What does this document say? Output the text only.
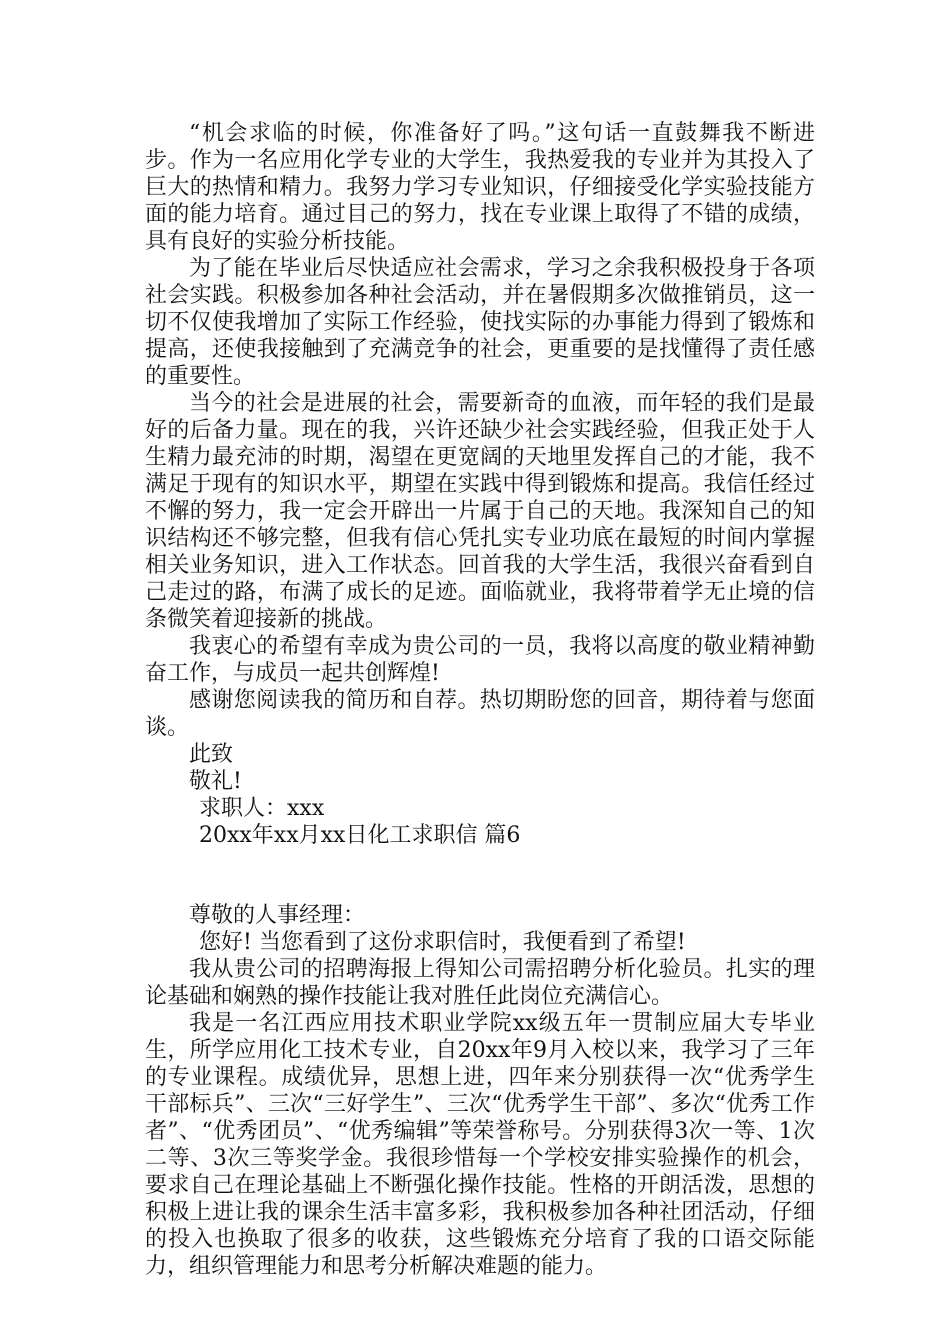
“机会求临的时候，你准备好了吗。”这句话一直鼓舞我不断进步。作为一名应用化学专业的大学生，我热爱我的专业并为其投入了巨大的热情和精力。我努力学习专业知识，仔细接受化学实验技能方面的能力培育。通过目己的努力，找在专业课上取得了不错的成绩，具有良好的实验分析技能。

为了能在毕业后尽快适应社会需求，学习之余我积极投身于各项社会实践。积极参加各种社会活动，并在暑假期多次做推销员，这一切不仅使我增加了实际工作经验，使找实际的办事能力得到了锻炼和提高，还使我接触到了充满竞争的社会，更重要的是找懂得了责任感的重要性。

当今的社会是进展的社会，需要新奇的血液，而年轻的我们是最好的后备力量。现在的我，兴许还缺少社会实践经验，但我正处于人生精力最充沛的时期，渴望在更宽阔的天地里发挥自己的才能，我不满足于现有的知识水平，期望在实践中得到锻炼和提高。我信任经过不懈的努力，我一定会开辟出一片属于自己的天地。我深知自己的知识结构还不够完整，但我有信心凭扎实专业功底在最短的时间内掌握相关业务知识，进入工作状态。回首我的大学生活，我很兴奋看到自己走过的路，布满了成长的足迹。面临就业，我将带着学无止境的信条微笑着迎接新的挑战。

我衷心的希望有幸成为贵公司的一员，我将以高度的敬业精神勤奋工作，与成员一起共创辉煌!

感谢您阅读我的简历和自荐。热切期盼您的回音，期待着与您面谈。

此致

敬礼!

求职人：xxx

20xx年xx月xx日化工求职信 篇6

尊敬的人事经理：

您好! 当您看到了这份求职信时，我便看到了希望!

我从贵公司的招聘海报上得知公司需招聘分析化验员。扎实的理论基础和娴熟的操作技能让我对胜任此岗位充满信心。

我是一名江西应用技术职业学院xx级五年一贯制应届大专毕业生，所学应用化工技术专业，自20xx年9月入校以来，我学习了三年的专业课程。成绩优异，思想上进，四年来分别获得一次“优秀学生干部标兵”、三次“三好学生”、三次“优秀学生干部”、多次“优秀工作者”、“优秀团员”、“优秀编辑”等荣誉称号。分别获得3次一等、1次二等、3次三等奖学金。我很珍惜每一个学校安排实验操作的机会，要求自己在理论基础上不断强化操作技能。性格的开朗活泼，思想的积极上进让我的课余生活丰富多彩，我积极参加各种社团活动，仔细的投入也换取了很多的收获，这些锻炼充分培育了我的口语交际能力，组织管理能力和思考分析解决难题的能力。
